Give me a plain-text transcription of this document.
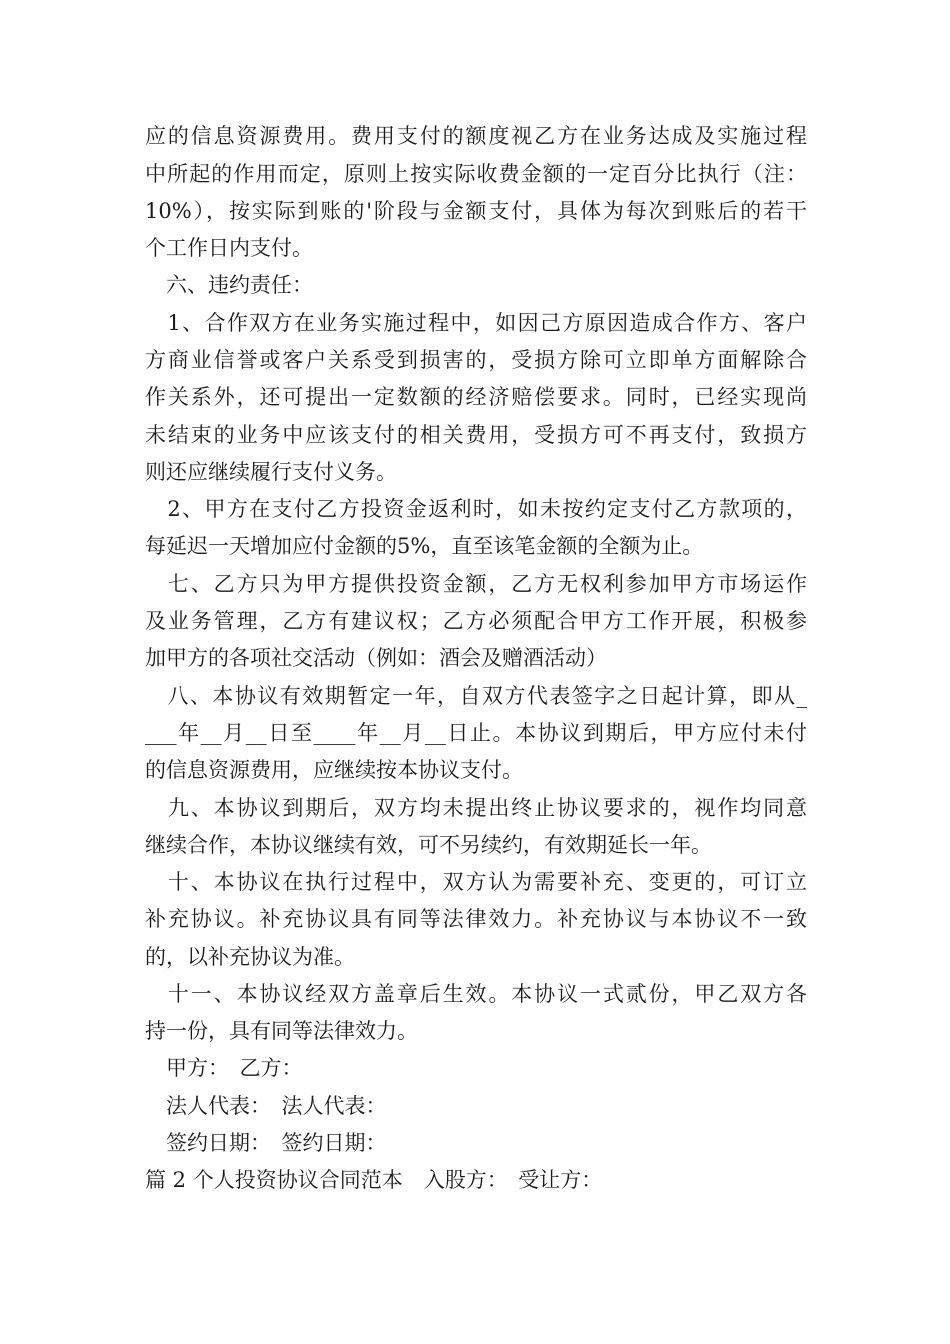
应的信息资源费用。费用支付的额度视乙方在业务达成及实施过程
中所起的作用而定，原则上按实际收费金额的一定百分比执行（注：
10%），按实际到账的'阶段与金额支付，具体为每次到账后的若干
个工作日内支付。
　六、违约责任：
　1、合作双方在业务实施过程中，如因己方原因造成合作方、客户
方商业信誉或客户关系受到损害的，受损方除可立即单方面解除合
作关系外，还可提出一定数额的经济赔偿要求。同时，已经实现尚
未结束的业务中应该支付的相关费用，受损方可不再支付，致损方
则还应继续履行支付义务。
　2、甲方在支付乙方投资金返利时，如未按约定支付乙方款项的，
每延迟一天增加应付金额的5%，直至该笔金额的全额为止。
　七、乙方只为甲方提供投资金额，乙方无权利参加甲方市场运作
及业务管理，乙方有建议权；乙方必须配合甲方工作开展，积极参
加甲方的各项社交活动（例如：酒会及赠酒活动）
　八、本协议有效期暂定一年，自双方代表签字之日起计算，即从_
___年__月__日至____年__月__日止。本协议到期后，甲方应付未付
的信息资源费用，应继续按本协议支付。
　九、本协议到期后，双方均未提出终止协议要求的，视作均同意
继续合作，本协议继续有效，可不另续约，有效期延长一年。
　十、本协议在执行过程中，双方认为需要补充、变更的，可订立
补充协议。补充协议具有同等法律效力。补充协议与本协议不一致
的，以补充协议为准。
　十一、本协议经双方盖章后生效。本协议一式贰份，甲乙双方各
持一份，具有同等法律效力。
　甲方：　乙方：
　法人代表：　法人代表：
　签约日期：　签约日期：
篇 2 个人投资协议合同范本　入股方：　受让方：
